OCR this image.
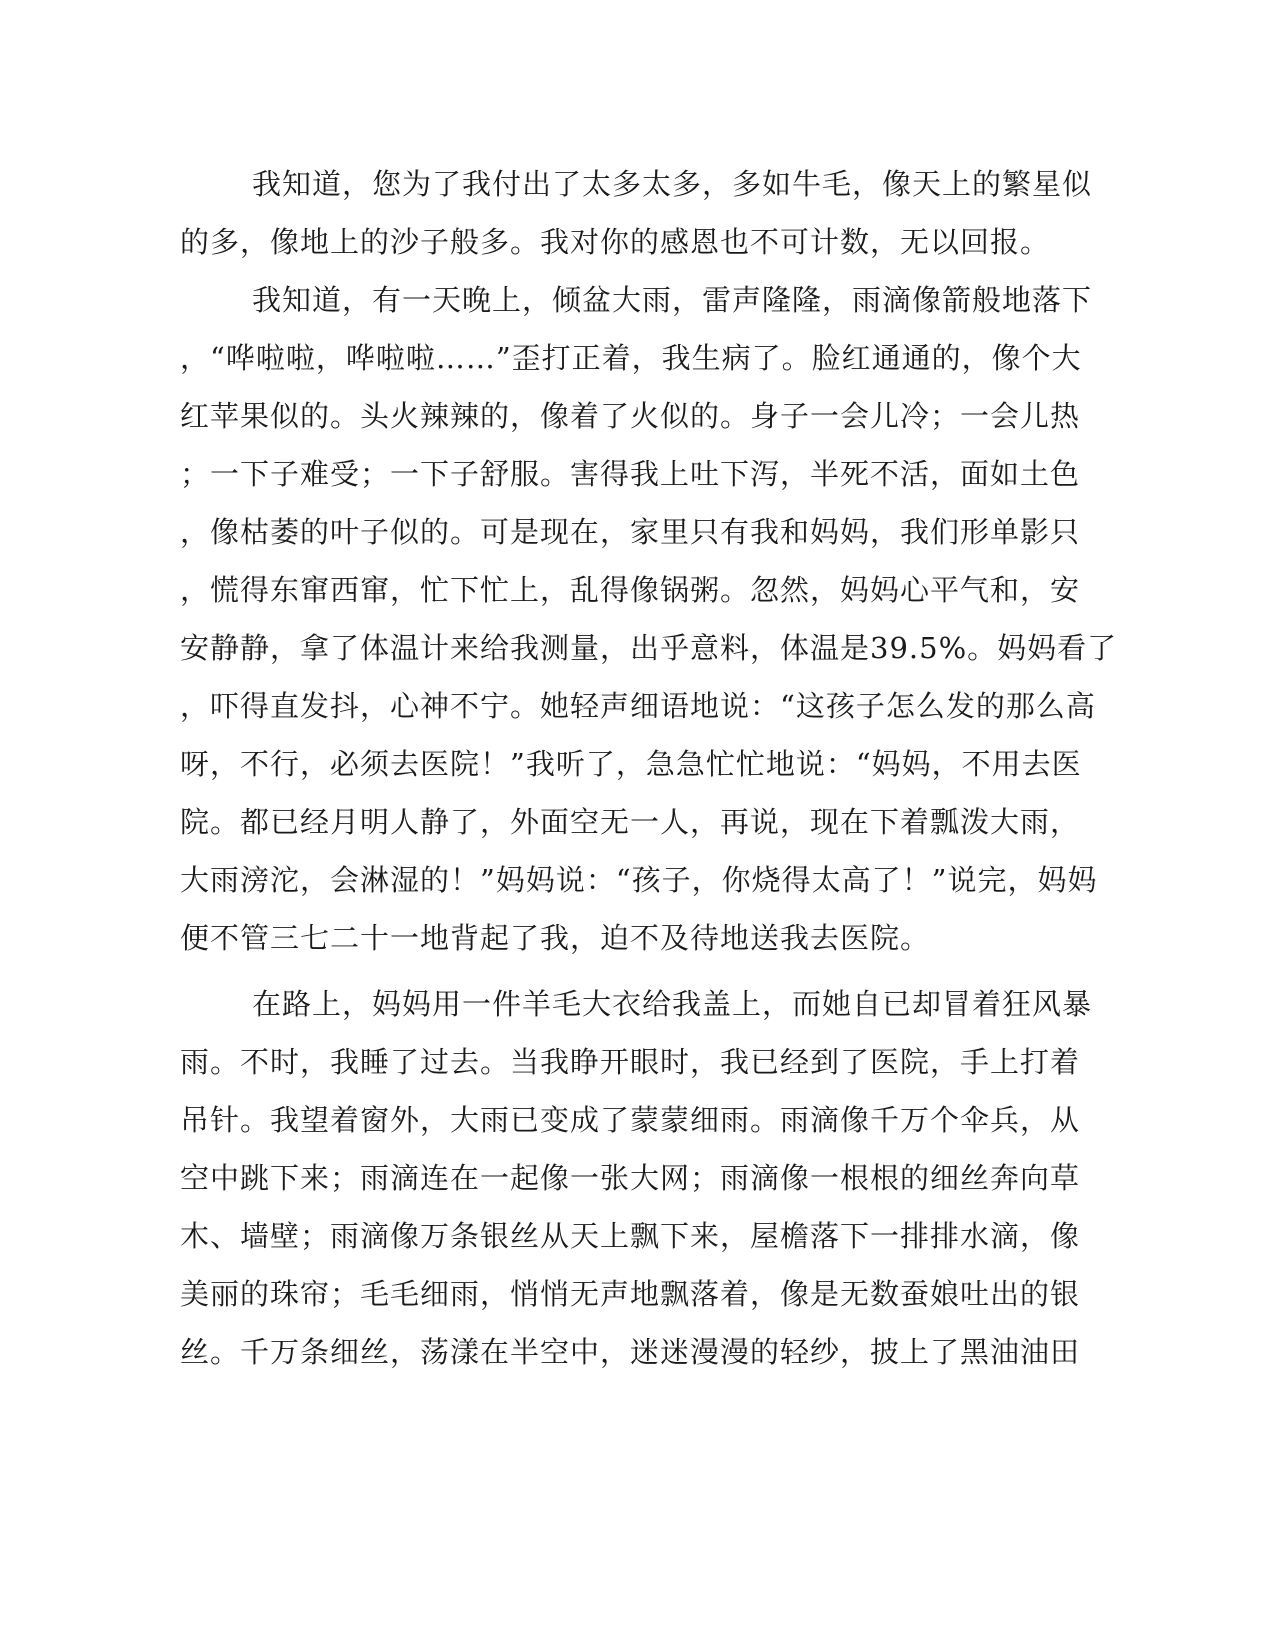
我知道，您为了我付出了太多太多，多如牛毛，像天上的繁星似
的多，像地上的沙子般多。我对你的感恩也不可计数，无以回报。
我知道，有一天晚上，倾盆大雨，雷声隆隆，雨滴像箭般地落下
，“哗啦啦，哗啦啦……”歪打正着，我生病了。脸红通通的，像个大
红苹果似的。头火辣辣的，像着了火似的。身子一会儿冷；一会儿热
；一下子难受；一下子舒服。害得我上吐下泻，半死不活，面如土色
，像枯萎的叶子似的。可是现在，家里只有我和妈妈，我们形单影只
，慌得东窜西窜，忙下忙上，乱得像锅粥。忽然，妈妈心平气和，安
安静静，拿了体温计来给我测量，出乎意料，体温是39.5%。妈妈看了
，吓得直发抖，心神不宁。她轻声细语地说：“这孩子怎么发的那么高
呀，不行，必须去医院！”我听了，急急忙忙地说：“妈妈，不用去医
院。都已经月明人静了，外面空无一人，再说，现在下着瓢泼大雨，
大雨滂沱，会淋湿的！”妈妈说：“孩子，你烧得太高了！”说完，妈妈
便不管三七二十一地背起了我，迫不及待地送我去医院。
在路上，妈妈用一件羊毛大衣给我盖上，而她自已却冒着狂风暴
雨。不时，我睡了过去。当我睁开眼时，我已经到了医院，手上打着
吊针。我望着窗外，大雨已变成了蒙蒙细雨。雨滴像千万个伞兵，从
空中跳下来；雨滴连在一起像一张大网；雨滴像一根根的细丝奔向草
木、墙壁；雨滴像万条银丝从天上飘下来，屋檐落下一排排水滴，像
美丽的珠帘；毛毛细雨，悄悄无声地飘落着，像是无数蚕娘吐出的银
丝。千万条细丝，荡漾在半空中，迷迷漫漫的轻纱，披上了黑油油田
